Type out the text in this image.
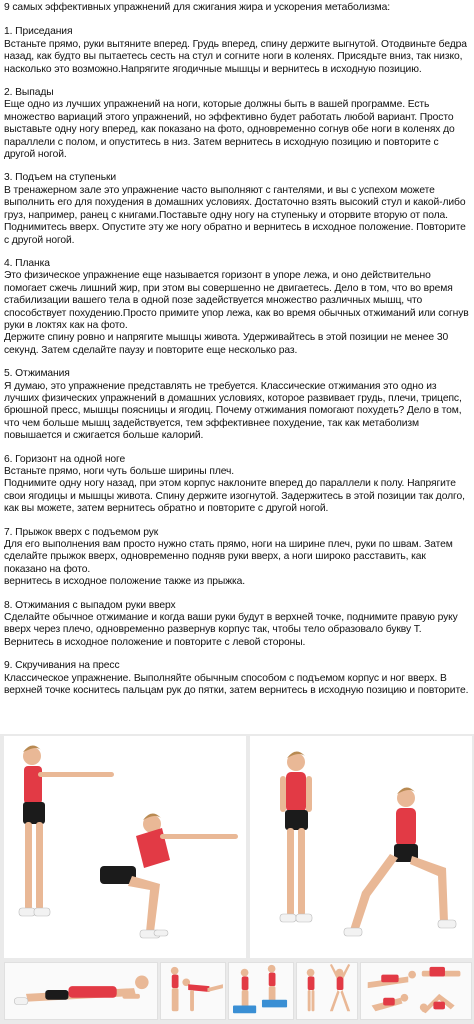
9 самых эффективных упражнений для сжигания жира и ускорения метаболизма:
1. Приседания
Встаньте прямо, руки вытяните вперед. Грудь вперед, спину держите выгнутой. Отодвиньте бедра назад, как будто вы пытаетесь сесть на стул и согните ноги в коленях. Присядьте вниз, так низко, насколько это возможно.Напрягите ягодичные мышцы и вернитесь в исходную позицию.
2. Выпады
Еще одно из лучших упражнений на ноги, которые должны быть в вашей программе. Есть множество вариаций этого упражнений, но эффективно будет работать любой вариант. Просто выставьте одну ногу вперед, как показано на фото, одновременно согнув обе ноги в коленях до параллели с полом, и опуститесь в низ. Затем вернитесь в исходную позицию и повторите с другой ногой.
3. Подъем на ступеньки
В тренажерном зале это упражнение часто выполняют с гантелями, и вы с успехом можете выполнить его для похудения в домашних условиях. Достаточно взять высокий стул и какой-либо груз, например, ранец с книгами.Поставьте одну ногу на ступеньку и оторвите вторую от пола. Поднимитесь вверх. Опустите эту же ногу обратно и вернитесь в исходное положение. Повторите с другой ногой.
4. Планка
Это физическое упражнение еще называется горизонт в упоре лежа, и оно действительно помогает сжечь лишний жир, при этом вы совершенно не двигаетесь. Дело в том, что во время стабилизации вашего тела в одной позе задействуется множество различных мышц, что способствует похудению.Просто примите упор лежа, как во время обычных отжиманий или согнув руки в локтях как на фото.
Держите спину ровно и напрягите мышцы живота. Удерживайтесь в этой позиции не менее 30 секунд. Затем сделайте паузу и повторите еще несколько раз.
5. Отжимания
Я думаю, это упражнение представлять не требуется. Классические отжимания это одно из лучших физических упражнений в домашних условиях, которое развивает грудь, плечи, трицепс, брюшной пресс, мышцы поясницы и ягодиц. Почему отжимания помогают похудеть? Дело в том, что чем больше мышц задействуется, тем эффективнее похудение, так как метаболизм повышается и сжигается больше калорий.
6. Горизонт на одной ноге
Встаньте прямо, ноги чуть больше ширины плеч.
Поднимите одну ногу назад, при этом корпус наклоните вперед до параллели к полу. Напрягите свои ягодицы и мышцы живота. Спину держите изогнутой. Задержитесь в этой позиции так долго, как вы можете, затем вернитесь обратно и повторите с другой ногой.
7. Прыжок вверх с подъемом рук
Для его выполнения вам просто нужно стать прямо, ноги на ширине плеч, руки по швам. Затем сделайте прыжок вверх, одновременно подняв руки вверх, а ноги широко расставить, как показано на фото.
вернитесь в исходное положение также из прыжка.
8. Отжимания с выпадом руки вверх
Сделайте обычное отжимание и когда ваши руки будут в верхней точке, поднимите правую руку вверх через плечо, одновременно развернув корпус так, чтобы тело образовало букву Т. Вернитесь в исходное положение и повторите с левой стороны.
9. Скручивания на пресс
Классическое упражнение. Выполняйте обычным способом с подъемом корпус и ног вверх. В верхней точке коснитесь пальцам рук до пятки, затем вернитесь в исходную позицию и повторите.
